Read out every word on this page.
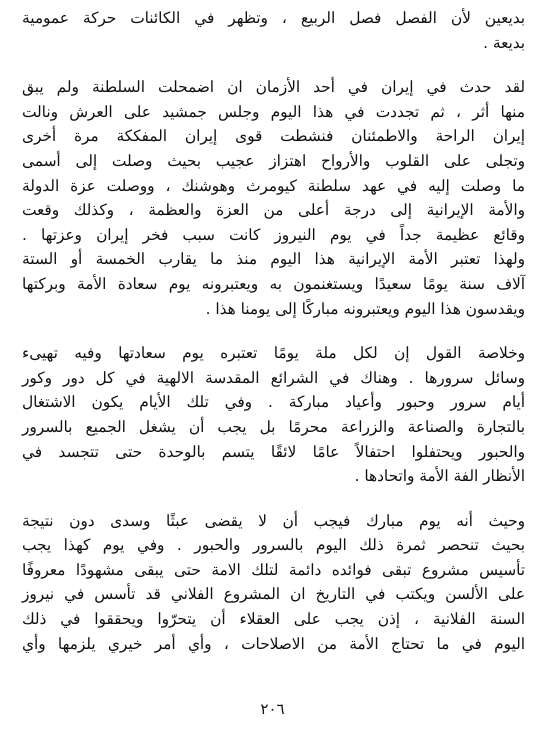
بديعين لأن الفصل فصل الربيع ، وتظهر في الكائنات حركة عمومية
بديعة .

لقد حدث في إيران في أحد الأزمان ان اضمحلت السلطنة ولم يبق
منها أثر ، ثم تجددت في هذا اليوم وجلس جمشيد على العرش ونالت
إيران الراحة والاطمئنان فنشطت قوى إيران المفككة مرة أخرى
وتجلى على القلوب والأرواح اهتزاز عجيب بحيث وصلت إلى أسمى
ما وصلت إليه في عهد سلطنة كيومرث وهوشنك ، ووصلت عزة الدولة
والأمة الإيرانية إلى درجة أعلى من العزة والعظمة ، وكذلك وقعت
وقائع عظيمة جداً في يوم النيروز كانت سبب فخر إيران وعزتها .
ولهذا تعتبر الأمة الإيرانية هذا اليوم منذ ما يقارب الخمسة أو الستة
آلاف سنة يومًا سعيدًا ويستغنمون به ويعتبرونه يوم سعادة الأمة وبركتها
ويقدسون هذا اليوم ويعتبرونه مباركًا إلى يومنا هذا .

وخلاصة القول إن لكل ملة يومًا تعتبره يوم سعادتها وفيه تهيىء
وسائل سرورها . وهناك في الشرائع المقدسة الالهية في كل دور وكور
أيام سرور وحبور وأعياد مباركة . وفي تلك الأيام يكون الاشتغال
بالتجارة والصناعة والزراعة محرمًا بل يجب أن يشغل الجميع بالسرور
والحبور ويحتفلوا احتفالاً عامًا لائقًا يتسم بالوحدة حتى تتجسد في
الأنظار الفة الأمة واتحادها .

وحيث أنه يوم مبارك فيجب أن لا يقضى عبثًا وسدى دون نتيجة
بحيث تنحصر ثمرة ذلك اليوم بالسرور والحبور . وفي يوم كهذا يجب
تأسيس مشروع تبقى فوائده دائمة لتلك الامة حتى يبقى مشهودًا معروفًا
على الألسن ويكتب في التاريخ ان المشروع الفلاني قد تأسس في نيروز
السنة الفلانية ، إذن يجب على العقلاء أن يتحرّوا ويحققوا في ذلك
اليوم في ما تحتاج الأمة من الاصلاحات ، وأي أمر خيري يلزمها وأي

٢٠٦
